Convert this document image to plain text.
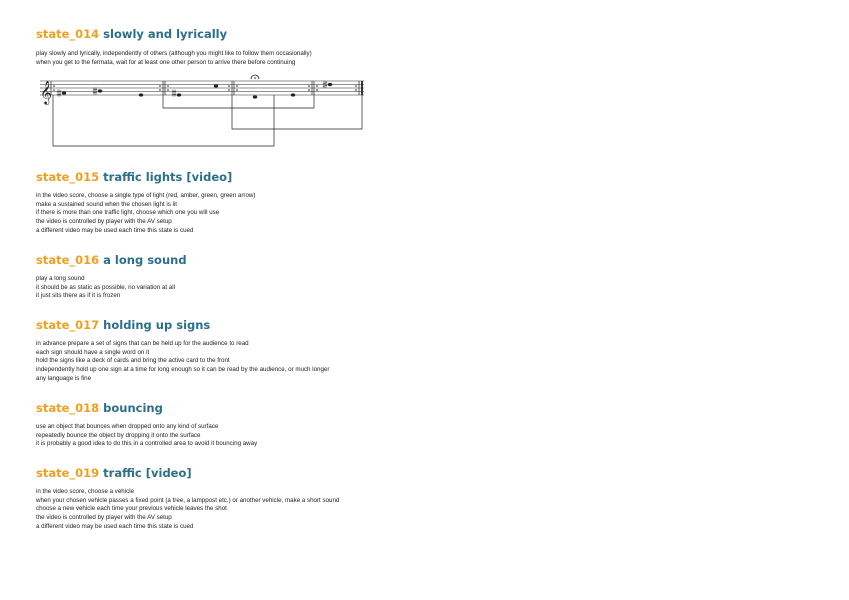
state_014 slowly and lyrically
play slowly and lyrically, independently of others (although you might like to follow them occasionally)
when you get to the fermata, wait for at least one other person to arrive there before continuing
𝄞
state_015 traffic lights [video]
in the video score, choose a single type of light (red, amber, green, green arrow)
make a sustained sound when the chosen light is lit
if there is more than one traffic light, choose which one you will use
the video is controlled by player with the AV setup
a different video may be used each time this state is cued
state_016 a long sound
play a long sound
it should be as static as possible, no variation at all
it just sits there as if it is frozen
state_017 holding up signs
in advance prepare a set of signs that can be held up for the audience to read
each sign should have a single word on it
hold the signs like a deck of cards and bring the active card to the front
independently hold up one sign at a time for long enough so it can be read by the audience, or much longer
any language is fine
state_018 bouncing
use an object that bounces when dropped onto any kind of surface
repeatedly bounce the object by dropping it onto the surface
it is probably a good idea to do this in a controlled area to avoid it bouncing away
state_019 traffic [video]
in the video score, choose a vehicle
when your chosen vehicle passes a fixed point (a tree, a lamppost etc.) or another vehicle, make a short sound
choose a new vehicle each time your previous vehicle leaves the shot
the video is controlled by player with the AV setup
a different video may be used each time this state is cued
